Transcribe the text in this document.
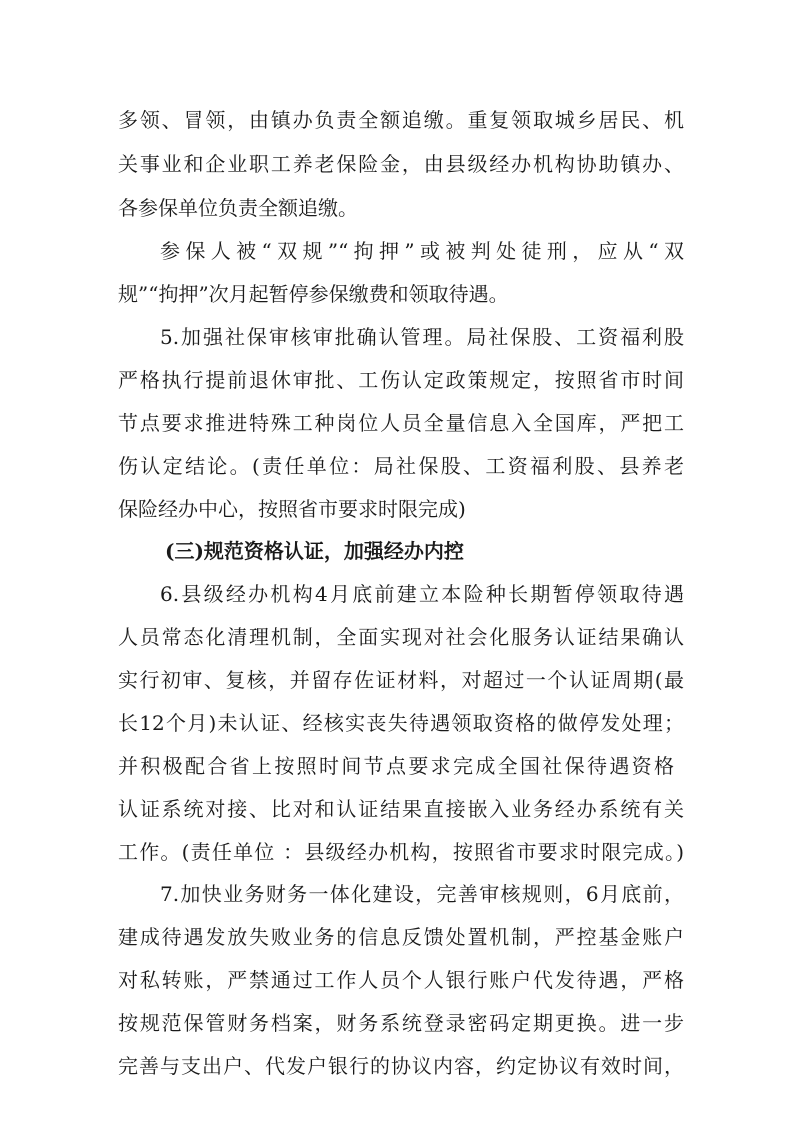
多领、冒领，由镇办负责全额追缴。重复领取城乡居民、机
关事业和企业职工养老保险金，由县级经办机构协助镇办、
各参保单位负责全额追缴。
参保人被“双规”“拘押”或被判处徒刑，应从“双
规”“拘押”次月起暂停参保缴费和领取待遇。
5.加强社保审核审批确认管理。局社保股、工资福利股
严格执行提前退休审批、工伤认定政策规定，按照省市时间
节点要求推进特殊工种岗位人员全量信息入全国库，严把工
伤认定结论。(责任单位：局社保股、工资福利股、县养老
保险经办中心，按照省市要求时限完成)
(三)规范资格认证，加强经办内控
6.县级经办机构4月底前建立本险种长期暂停领取待遇
人员常态化清理机制，全面实现对社会化服务认证结果确认
实行初审、复核，并留存佐证材料，对超过一个认证周期(最
长12个月)未认证、经核实丧失待遇领取资格的做停发处理；
并积极配合省上按照时间节点要求完成全国社保待遇资格
认证系统对接、比对和认证结果直接嵌入业务经办系统有关
工作。(责任单位 ：县级经办机构，按照省市要求时限完成。)
7.加快业务财务一体化建设，完善审核规则，6月底前，
建成待遇发放失败业务的信息反馈处置机制，严控基金账户
对私转账，严禁通过工作人员个人银行账户代发待遇，严格
按规范保管财务档案，财务系统登录密码定期更换。进一步
完善与支出户、代发户银行的协议内容，约定协议有效时间，
